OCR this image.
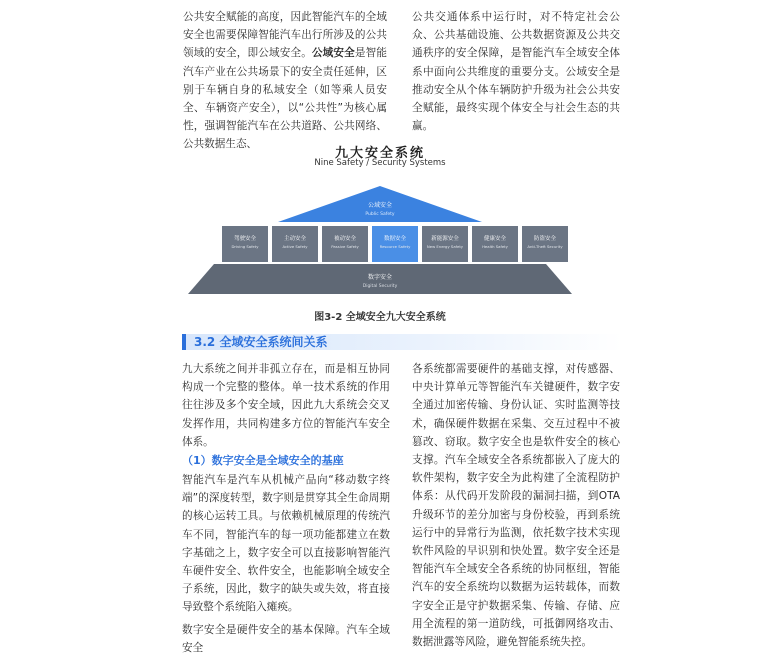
公共安全赋能的高度，因此智能汽车的全域安全也需要保障智能汽车出行所涉及的公共领域的安全，即公域安全。公域安全是智能汽车产业在公共场景下的安全责任延伸，区别于车辆自身的私域安全（如等乘人员安全、车辆资产安全），以“公共性”为核心属性，强调智能汽车在公共道路、公共网络、公共数据生态、

公共交通体系中运行时，对不特定社会公众、公共基础设施、公共数据资源及公共交通秩序的安全保障，是智能汽车全域安全体系中面向公共维度的重要分支。公域安全是推动安全从个体车辆防护升级为社会公共安全赋能，最终实现个体安全与社会生态的共赢。

九大安全系统
Nine Safety / Security Systems
公域安全
Public Safety
驾驶安全
Driving Safety
主动安全
Active Safety
被动安全
Passive Safety
数据安全
Resource Safety
新能源安全
New Energy Safety
健康安全
Health Safety
防盗安全
Anti-Theft Security
数字安全
Digital Security
图3-2 全域安全九大安全系统
3.2 全域安全系统间关系

九大系统之间并非孤立存在，而是相互协同构成一个完整的整体。单一技术系统的作用往往涉及多个安全域，因此九大系统会交叉发挥作用，共同构建多方位的智能汽车安全体系。

（1）数字安全是全域安全的基座

智能汽车是汽车从机械产品向“移动数字终端”的深度转型，数字则是贯穿其全生命周期的核心运转工具。与依赖机械原理的传统汽车不同，智能汽车的每一项功能都建立在数字基础之上，数字安全可以直接影响智能汽车硬件安全、软件安全，也能影响全域安全子系统，因此，数字的缺失或失效，将直接导致整个系统陷入瘫痪。

数字安全是硬件安全的基本保障。汽车全域安全

各系统都需要硬件的基础支撑，对传感器、中央计算单元等智能汽车关键硬件，数字安全通过加密传输、身份认证、实时监测等技术，确保硬件数据在采集、交互过程中不被篡改、窃取。数字安全也是软件安全的核心支撑。汽车全域安全各系统都嵌入了庞大的软件架构，数字安全为此构建了全流程防护体系：从代码开发阶段的漏洞扫描，到OTA升级环节的差分加密与身份校验，再到系统运行中的异常行为监测，依托数字技术实现软件风险的早识别和快处置。数字安全还是智能汽车全域安全各系统的协同枢纽，智能汽车的安全系统均以数据为运转载体，而数字安全正是守护数据采集、传输、存储、应用全流程的第一道防线，可抵御网络攻击、数据泄露等风险，避免智能系统失控。
